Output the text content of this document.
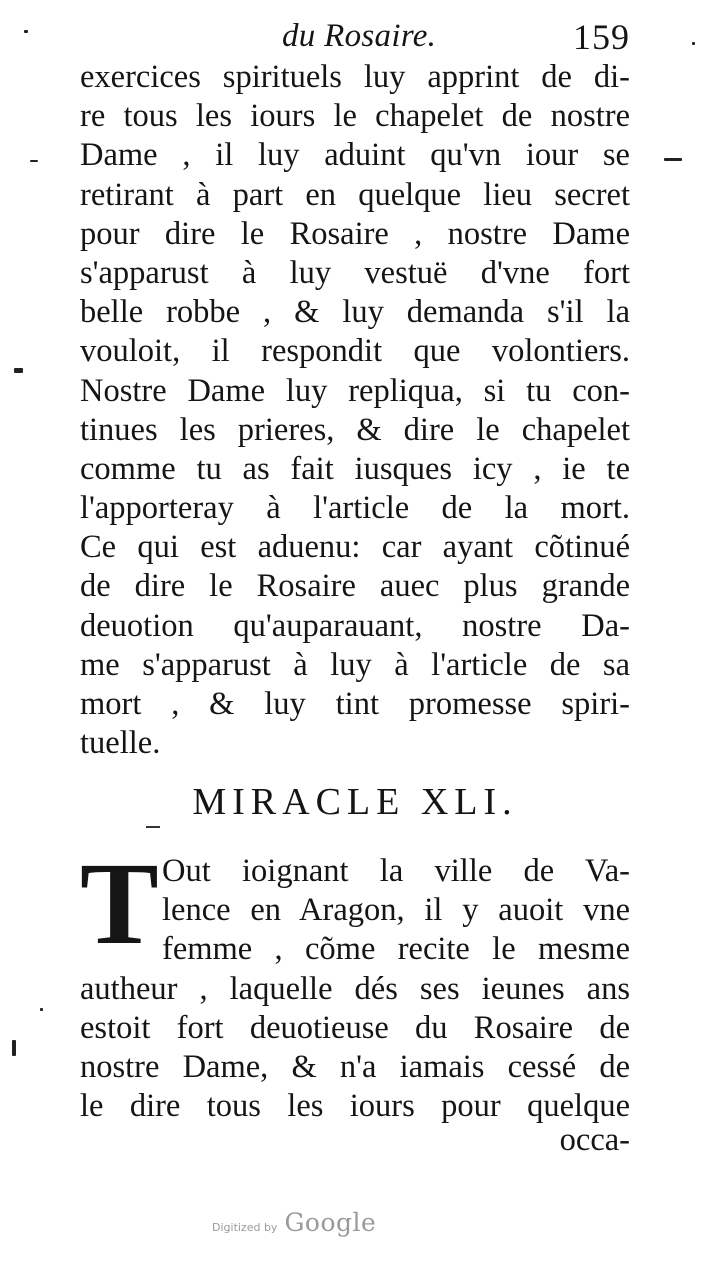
du Rosaire.	159
exercices spirituels luy apprint de di-
re tous les iours le chapelet de nostre
Dame , il luy aduint qu'vn iour se
retirant à part en quelque lieu secret
pour dire le Rosaire , nostre Dame
s'apparust à luy vestuë d'vne fort
belle robbe , & luy demanda s'il la
vouloit, il respondit que volontiers.
Nostre Dame luy repliqua, si tu con-
tinues les prieres, & dire le chapelet
comme tu as fait iusques icy , ie te
l'apporteray à l'article de la mort.
Ce qui est aduenu: car ayant cõtinué
de dire le Rosaire auec plus grande
deuotion qu'auparauant, nostre Da-
me s'apparust à luy à l'article de sa
mort , & luy tint promesse spiri-
tuelle.
MIRACLE XLI.
T Out ioignant la ville de Va-
lence en Aragon, il y auoit vne
femme , cõme recite le mesme
autheur , laquelle dés ses ieunes ans
estoit fort deuotieuse du Rosaire de
nostre Dame, & n'a iamais cessé de
le dire tous les iours pour quelque
occa-
Digitized by Google
